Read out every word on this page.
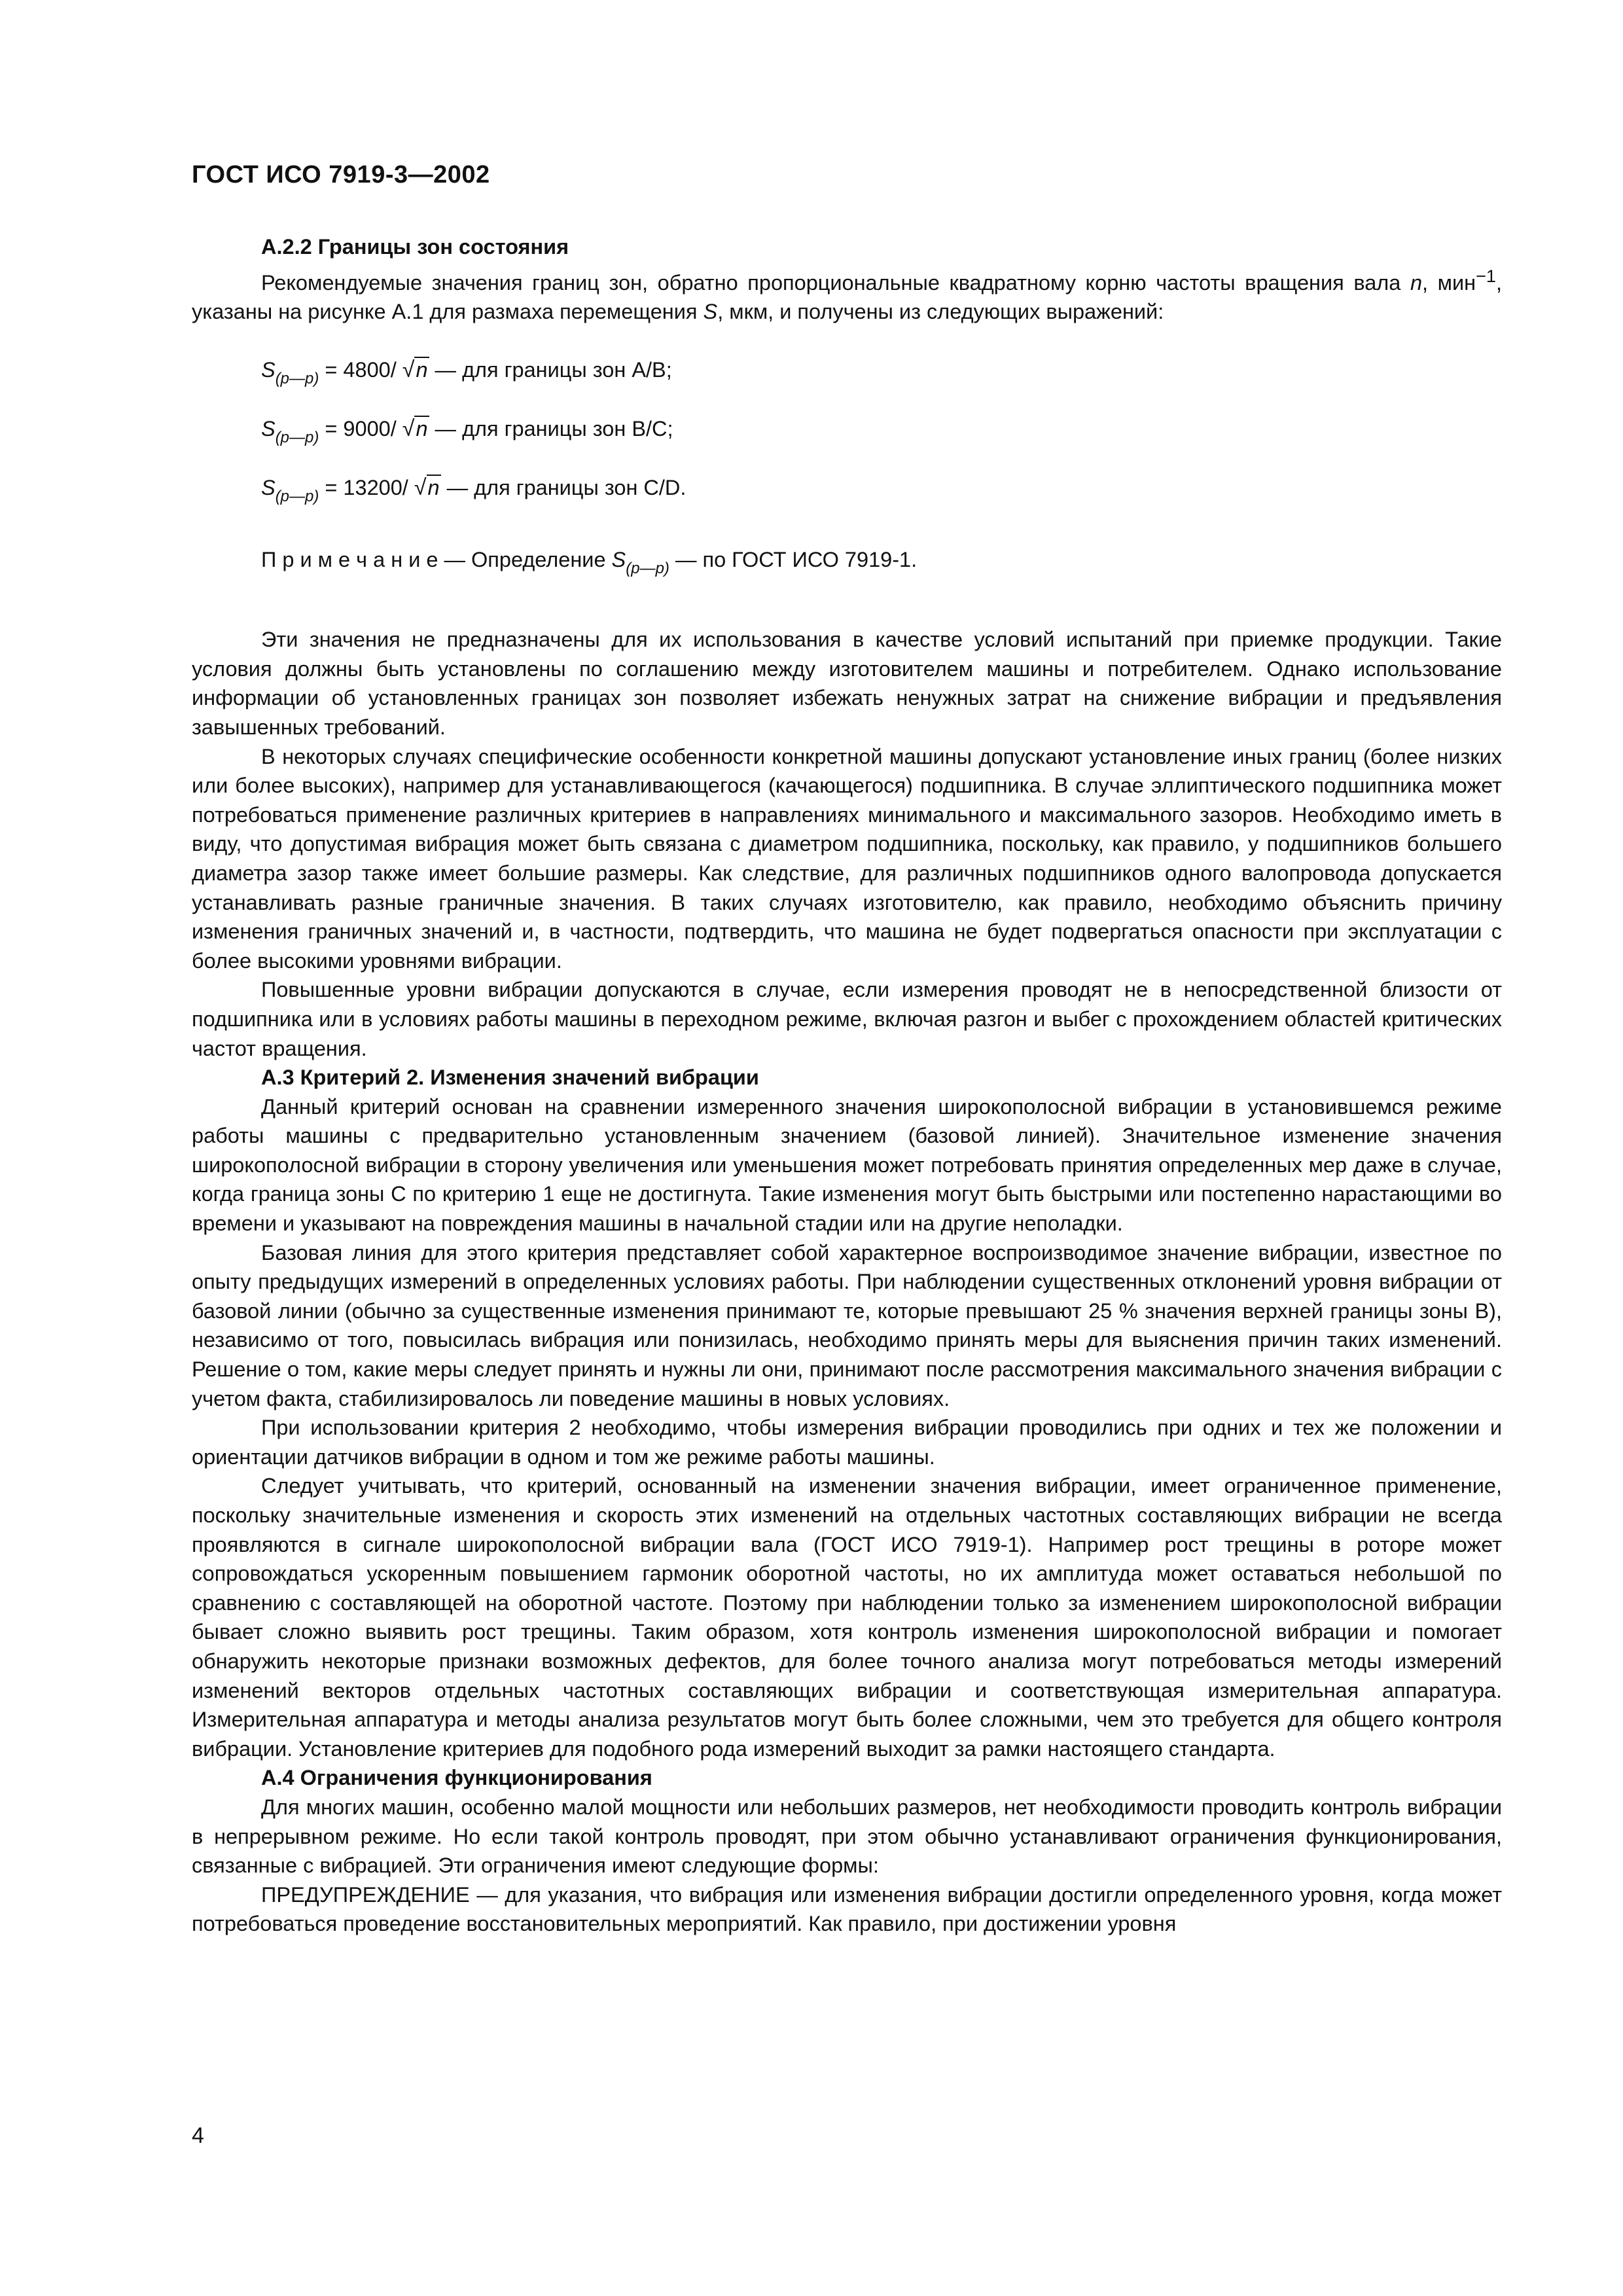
ГОСТ ИСО 7919-3—2002
А.2.2 Границы зон состояния

Рекомендуемые значения границ зон, обратно пропорциональные квадратному корню частоты вращения вала n, мин$^{-1}$, указаны на рисунке А.1 для размаха перемещения S, мкм, и получены из следующих выражений:

$S_{(p—p)} = 4800/$ √n — для границы зон A/B;
$S_{(p—p)} = 9000/$ √n — для границы зон B/C;
$S_{(p—p)} = 13200/$ √n — для границы зон C/D.
П р и м е ч а н и е — Определение $S_{(p—p)}$ — по ГОСТ ИСО 7919-1.

Эти значения не предназначены для их использования в качестве условий испытаний при приемке продукции. Такие условия должны быть установлены по соглашению между изготовителем машины и потребителем. Однако использование информации об установленных границах зон позволяет избежать ненужных затрат на снижение вибрации и предъявления завышенных требований.

В некоторых случаях специфические особенности конкретной машины допускают установление иных границ (более низких или более высоких), например для устанавливающегося (качающегося) подшипника. В случае эллиптического подшипника может потребоваться применение различных критериев в направлениях минимального и максимального зазоров. Необходимо иметь в виду, что допустимая вибрация может быть связана с диаметром подшипника, поскольку, как правило, у подшипников большего диаметра зазор также имеет большие размеры. Как следствие, для различных подшипников одного валопровода допускается устанавливать разные граничные значения. В таких случаях изготовителю, как правило, необходимо объяснить причину изменения граничных значений и, в частности, подтвердить, что машина не будет подвергаться опасности при эксплуатации с более высокими уровнями вибрации.

Повышенные уровни вибрации допускаются в случае, если измерения проводят не в непосредственной близости от подшипника или в условиях работы машины в переходном режиме, включая разгон и выбег с прохождением областей критических частот вращения.

А.3 Критерий 2. Изменения значений вибрации

Данный критерий основан на сравнении измеренного значения широкополосной вибрации в установившемся режиме работы машины с предварительно установленным значением (базовой линией). Значительное изменение значения широкополосной вибрации в сторону увеличения или уменьшения может потребовать принятия определенных мер даже в случае, когда граница зоны C по критерию 1 еще не достигнута. Такие изменения могут быть быстрыми или постепенно нарастающими во времени и указывают на повреждения машины в начальной стадии или на другие неполадки.

Базовая линия для этого критерия представляет собой характерное воспроизводимое значение вибрации, известное по опыту предыдущих измерений в определенных условиях работы. При наблюдении существенных отклонений уровня вибрации от базовой линии (обычно за существенные изменения принимают те, которые превышают 25 % значения верхней границы зоны B), независимо от того, повысилась вибрация или понизилась, необходимо принять меры для выяснения причин таких изменений. Решение о том, какие меры следует принять и нужны ли они, принимают после рассмотрения максимального значения вибрации с учетом факта, стабилизировалось ли поведение машины в новых условиях.

При использовании критерия 2 необходимо, чтобы измерения вибрации проводились при одних и тех же положении и ориентации датчиков вибрации в одном и том же режиме работы машины.

Следует учитывать, что критерий, основанный на изменении значения вибрации, имеет ограниченное применение, поскольку значительные изменения и скорость этих изменений на отдельных частотных составляющих вибрации не всегда проявляются в сигнале широкополосной вибрации вала (ГОСТ ИСО 7919-1). Например рост трещины в роторе может сопровождаться ускоренным повышением гармоник оборотной частоты, но их амплитуда может оставаться небольшой по сравнению с составляющей на оборотной частоте. Поэтому при наблюдении только за изменением широкополосной вибрации бывает сложно выявить рост трещины. Таким образом, хотя контроль изменения широкополосной вибрации и помогает обнаружить некоторые признаки возможных дефектов, для более точного анализа могут потребоваться методы измерений изменений векторов отдельных частотных составляющих вибрации и соответствующая измерительная аппаратура. Измерительная аппаратура и методы анализа результатов могут быть более сложными, чем это требуется для общего контроля вибрации. Установление критериев для подобного рода измерений выходит за рамки настоящего стандарта.

А.4 Ограничения функционирования

Для многих машин, особенно малой мощности или небольших размеров, нет необходимости проводить контроль вибрации в непрерывном режиме. Но если такой контроль проводят, при этом обычно устанавливают ограничения функционирования, связанные с вибрацией. Эти ограничения имеют следующие формы:

ПРЕДУПРЕЖДЕНИЕ — для указания, что вибрация или изменения вибрации достигли определенного уровня, когда может потребоваться проведение восстановительных мероприятий. Как правило, при достижении уровня

4
